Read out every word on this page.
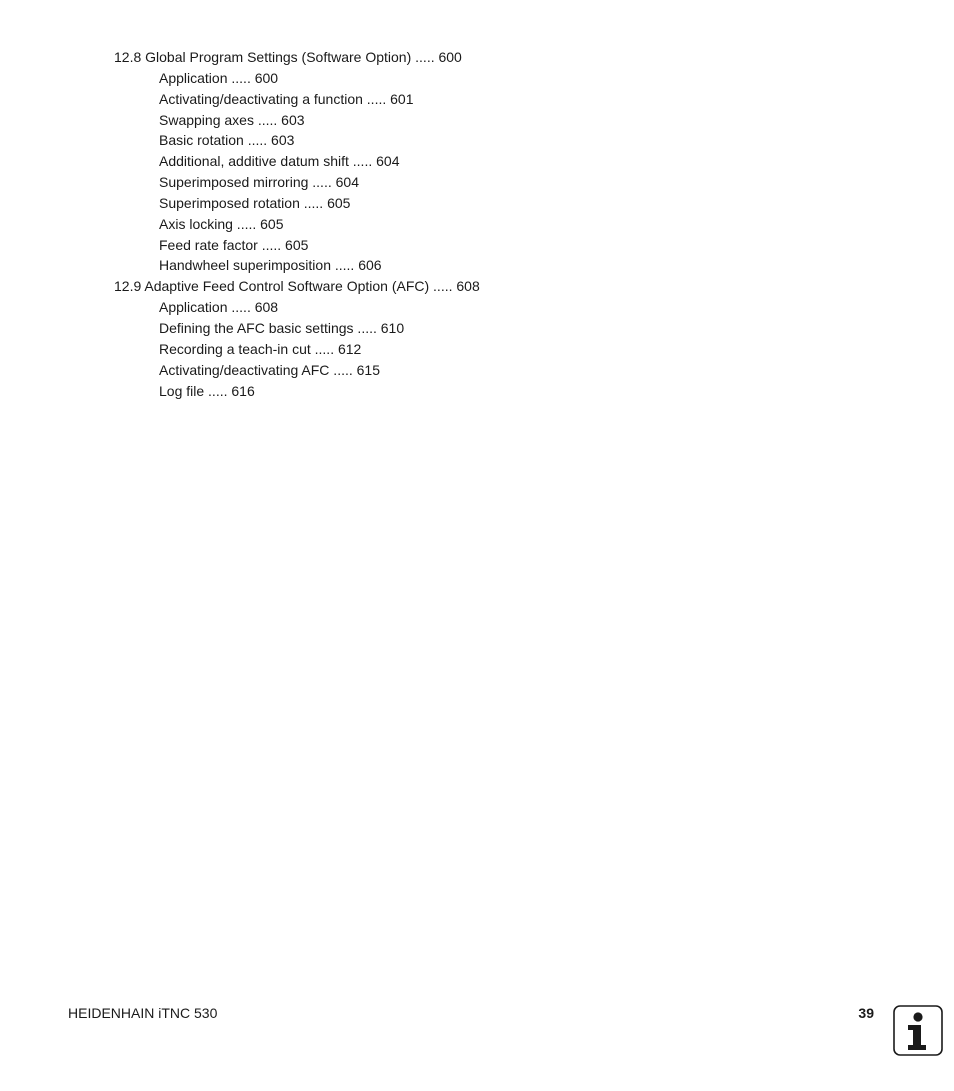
12.8 Global Program Settings (Software Option) ..... 600
Application ..... 600
Activating/deactivating a function ..... 601
Swapping axes ..... 603
Basic rotation ..... 603
Additional, additive datum shift ..... 604
Superimposed mirroring ..... 604
Superimposed rotation ..... 605
Axis locking ..... 605
Feed rate factor ..... 605
Handwheel superimposition ..... 606
12.9 Adaptive Feed Control Software Option (AFC) ..... 608
Application ..... 608
Defining the AFC basic settings ..... 610
Recording a teach-in cut ..... 612
Activating/deactivating AFC ..... 615
Log file ..... 616
HEIDENHAIN iTNC 530	39
